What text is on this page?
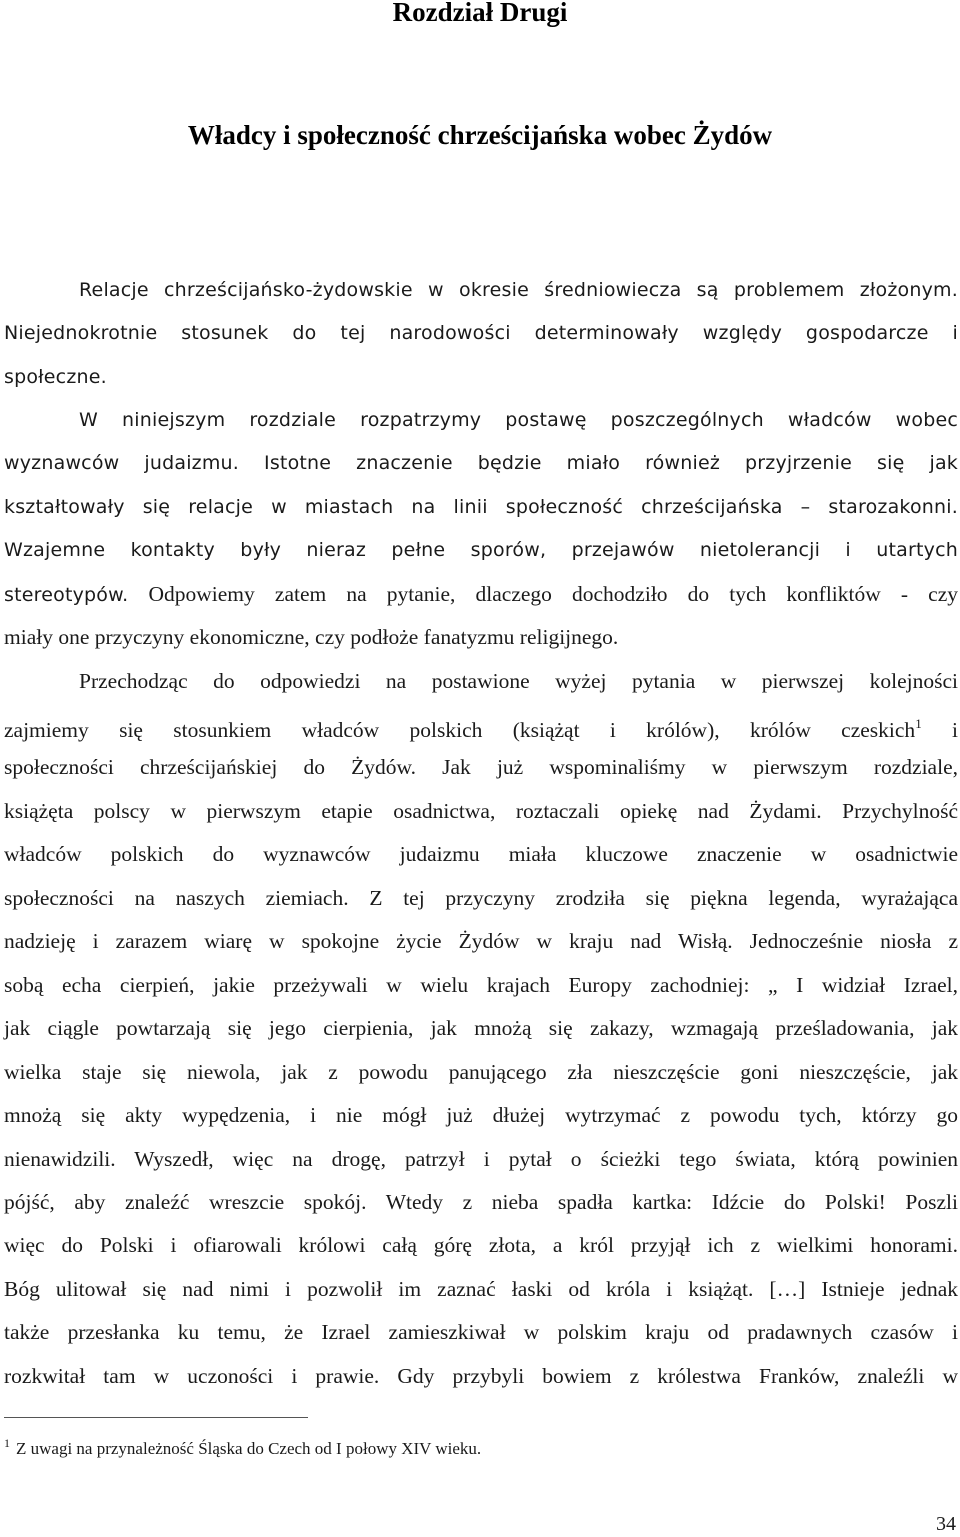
Rozdział Drugi
Władcy i społeczność chrześcijańska wobec Żydów
Relacje chrześcijańsko-żydowskie w okresie średniowiecza są problemem złożonym.
Niejednokrotnie stosunek do tej narodowości determinowały względy gospodarcze i
społeczne.
W niniejszym rozdziale rozpatrzymy postawę poszczególnych władców wobec
wyznawców judaizmu. Istotne znaczenie będzie miało również przyjrzenie się jak
kształtowały się relacje w miastach na linii społeczność chrześcijańska – starozakonni.
Wzajemne kontakty były nieraz pełne sporów, przejawów nietolerancji i utartych
stereotypów. Odpowiemy zatem na pytanie, dlaczego dochodziło do tych konfliktów - czy
miały one przyczyny ekonomiczne, czy podłoże fanatyzmu religijnego.
Przechodząc do odpowiedzi na postawione wyżej pytania w pierwszej kolejności
zajmiemy się stosunkiem władców polskich (książąt i królów), królów czeskich$^1$ i
społeczności chrześcijańskiej do Żydów. Jak już wspominaliśmy w pierwszym rozdziale,
książęta polscy w pierwszym etapie osadnictwa, roztaczali opiekę nad Żydami. Przychylność
władców polskich do wyznawców judaizmu miała kluczowe znaczenie w osadnictwie
społeczności na naszych ziemiach. Z tej przyczyny zrodziła się piękna legenda, wyrażająca
nadzieję i zarazem wiarę w spokojne życie Żydów w kraju nad Wisłą. Jednocześnie niosła z
sobą echa cierpień, jakie przeżywali w wielu krajach Europy zachodniej: „ I widział Izrael,
jak ciągle powtarzają się jego cierpienia, jak mnożą się zakazy, wzmagają prześladowania, jak
wielka staje się niewola, jak z powodu panującego zła nieszczęście goni nieszczęście, jak
mnożą się akty wypędzenia, i nie mógł już dłużej wytrzymać z powodu tych, którzy go
nienawidzili. Wyszedł, więc na drogę, patrzył i pytał o ścieżki tego świata, którą powinien
pójść, aby znaleźć wreszcie spokój. Wtedy z nieba spadła kartka: Idźcie do Polski! Poszli
więc do Polski i ofiarowali królowi całą górę złota, a król przyjął ich z wielkimi honorami.
Bóg ulitował się nad nimi i pozwolił im zaznać łaski od króla i książąt. […] Istnieje jednak
także przesłanka ku temu, że Izrael zamieszkiwał w polskim kraju od pradawnych czasów i
rozkwitał tam w uczoności i prawie. Gdy przybyli bowiem z królestwa Franków, znaleźli w
$^1$ Z uwagi na przynależność Śląska do Czech od I połowy XIV wieku.
34
